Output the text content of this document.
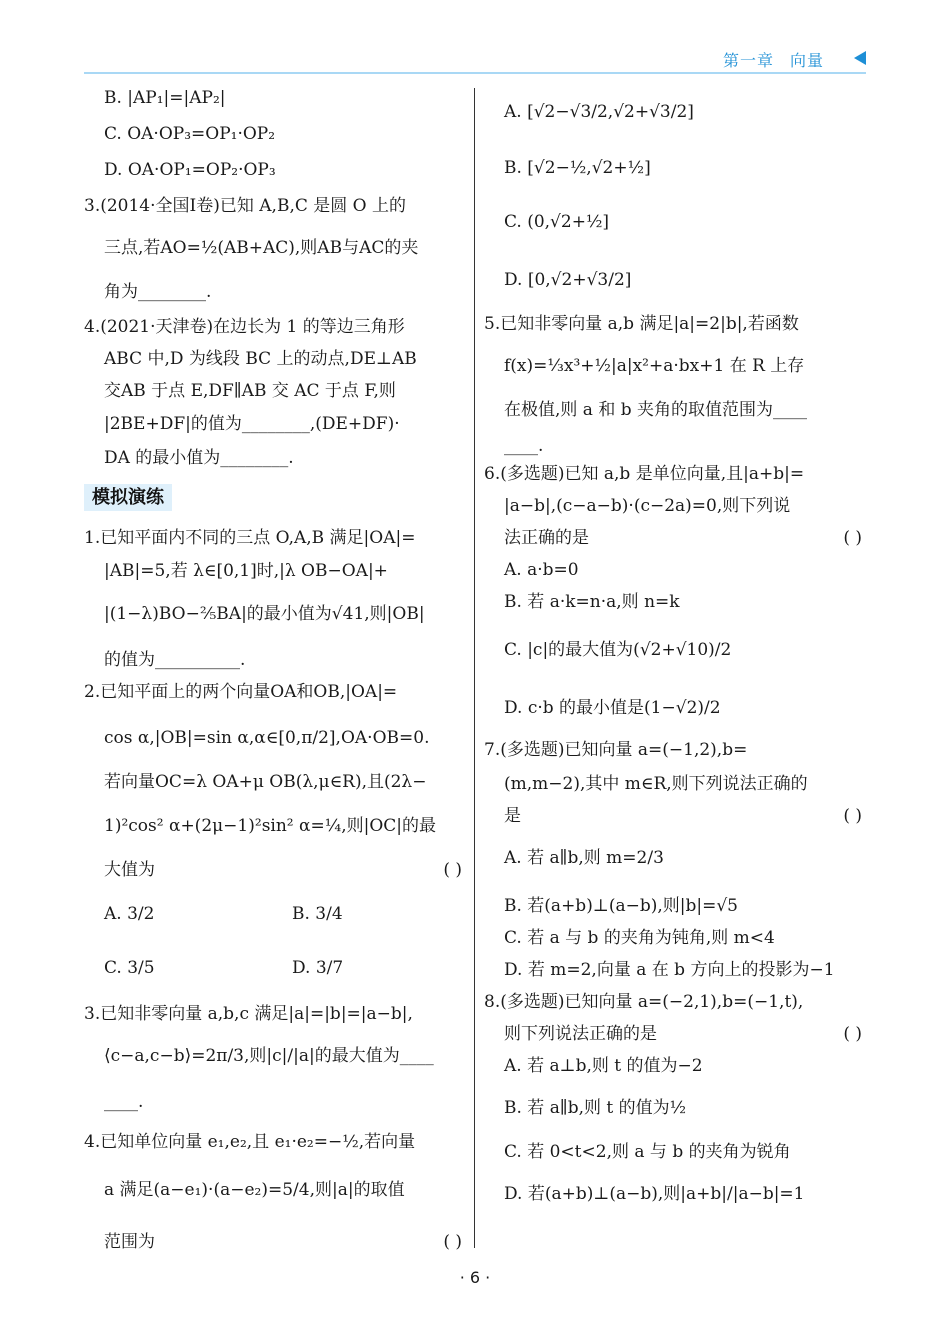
第一章 向量
B. |AP₁|=|AP₂|
C. OA·OP₃=OP₁·OP₂
D. OA·OP₁=OP₂·OP₃
3.(2014·全国Ⅰ卷)已知 A,B,C 是圆 O 上的
三点,若AO=½(AB+AC),则AB与AC的夹
角为________.
4.(2021·天津卷)在边长为 1 的等边三角形
ABC 中,D 为线段 BC 上的动点,DE⊥AB
交AB 于点 E,DF∥AB 交 AC 于点 F,则
|2BE+DF|的值为________,(DE+DF)·
DA 的最小值为________.
模拟演练
1.已知平面内不同的三点 O,A,B 满足|OA|=
|AB|=5,若 λ∈[0,1]时,|λ OB−OA|+
|(1−λ)BO−⅖BA|的最小值为√41,则|OB|
的值为__________.
2.已知平面上的两个向量OA和OB,|OA|=
cos α,|OB|=sin α,α∈[0,π/2],OA·OB=0.
若向量OC=λ OA+μ OB(λ,μ∈R),且(2λ−
1)²cos² α+(2μ−1)²sin² α=¼,则|OC|的最
大值为	( )
A. 3/2	B. 3/4
C. 3/5	D. 3/7
3.已知非零向量 a,b,c 满足|a|=|b|=|a−b|,
⟨c−a,c−b⟩=2π/3,则|c|/|a|的最大值为____
____.
4.已知单位向量 e₁,e₂,且 e₁·e₂=−½,若向量
a 满足(a−e₁)·(a−e₂)=5/4,则|a|的取值
范围为	( )
A. [√2−√3/2,√2+√3/2]
B. [√2−½,√2+½]
C. (0,√2+½]
D. [0,√2+√3/2]
5.已知非零向量 a,b 满足|a|=2|b|,若函数
f(x)=⅓x³+½|a|x²+a·bx+1 在 R 上存
在极值,则 a 和 b 夹角的取值范围为____
____.
6.(多选题)已知 a,b 是单位向量,且|a+b|=
|a−b|,(c−a−b)·(c−2a)=0,则下列说
法正确的是	( )
A. a·b=0
B. 若 a·k=n·a,则 n=k
C. |c|的最大值为(√2+√10)/2
D. c·b 的最小值是(1−√2)/2
7.(多选题)已知向量 a=(−1,2),b=
(m,m−2),其中 m∈R,则下列说法正确的
是	( )
A. 若 a∥b,则 m=2/3
B. 若(a+b)⊥(a−b),则|b|=√5
C. 若 a 与 b 的夹角为钝角,则 m<4
D. 若 m=2,向量 a 在 b 方向上的投影为−1
8.(多选题)已知向量 a=(−2,1),b=(−1,t),
则下列说法正确的是	( )
A. 若 a⊥b,则 t 的值为−2
B. 若 a∥b,则 t 的值为½
C. 若 0<t<2,则 a 与 b 的夹角为锐角
D. 若(a+b)⊥(a−b),则|a+b|/|a−b|=1
· 6 ·
